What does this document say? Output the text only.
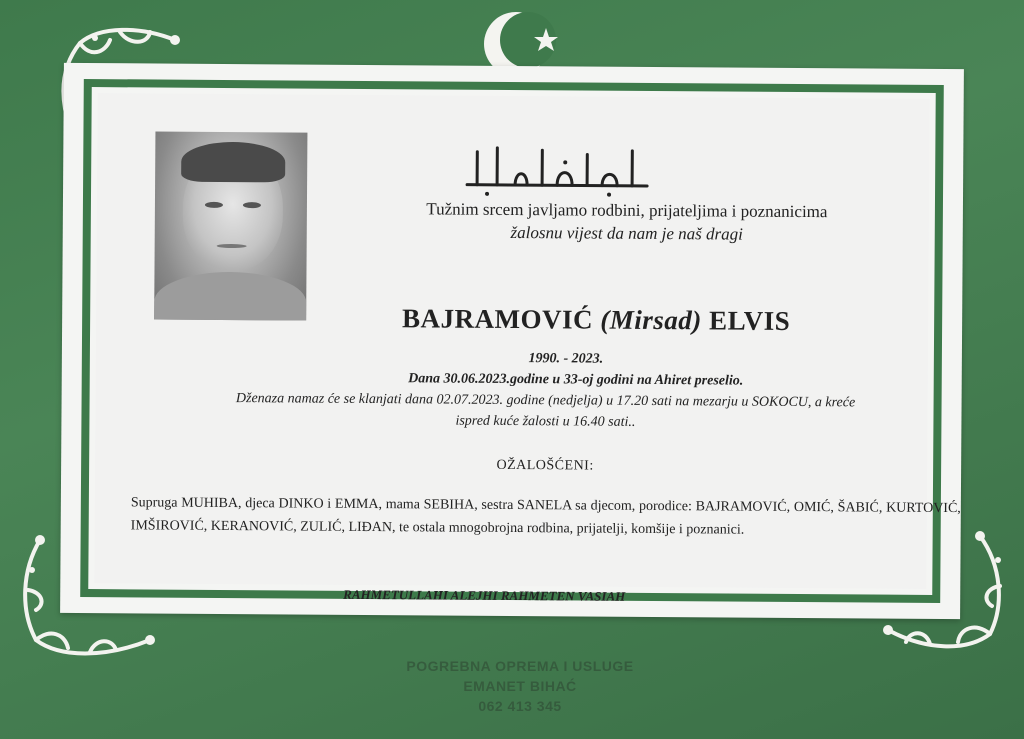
Tužnim srcem javljamo rodbini, prijateljima i poznanicima
žalosnu vijest da nam je naš dragi
BAJRAMOVIĆ (Mirsad) ELVIS
1990. - 2023.
Dana 30.06.2023.godine u 33-oj godini na Ahiret preselio.
Dženaza namaz će se klanjati dana 02.07.2023. godine (nedjelja) u 17.20 sati na mezarju u SOKOCU, a kreće
ispred kuće žalosti u 16.40 sati..
OŽALOŠĆENI:
Supruga MUHIBA, djeca DINKO i EMMA, mama SEBIHA, sestra SANELA sa djecom, porodice: BAJRAMOVIĆ, OMIĆ, ŠABIĆ, KURTOVIĆ, IMŠIROVIĆ, KERANOVIĆ, ZULIĆ, LIĐAN, te ostala mnogobrojna rodbina, prijatelji, komšije i poznanici.
RAHMETULLAHI ALEJHI RAHMETEN VASIAH
POGREBNA OPREMA I USLUGE
EMANET BIHAĆ
062 413 345
